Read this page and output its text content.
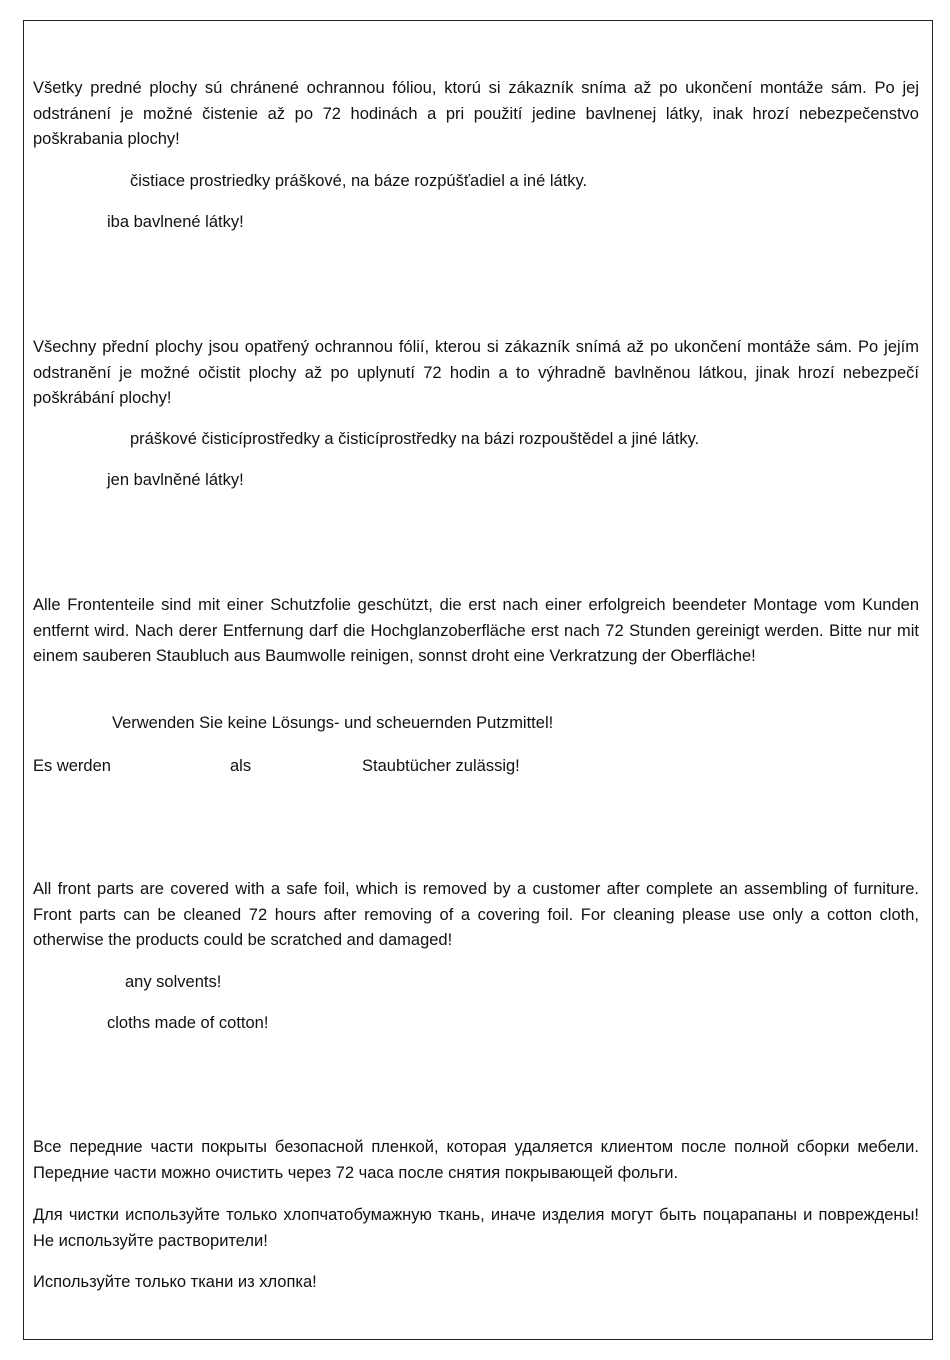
Všetky predné plochy sú chránené ochrannou fóliou, ktorú si zákazník sníma až po ukončení montáže sám. Po jej odstránení je možné čistenie až po 72 hodinách a pri použití jedine bavlnenej látky, inak hrozí nebezpečenstvo poškrabania plochy!

čistiace prostriedky práškové, na báze rozpúšťadiel a iné látky.

iba bavlnené látky!

Všechny přední plochy jsou opatřený ochrannou fólií, kterou si zákazník snímá až po ukončení montáže sám. Po jejím odstranění je možné očistit plochy až po uplynutí 72 hodin a to výhradně bavlněnou látkou, jinak hrozí nebezpečí poškrábání plochy!

práškové čisticíprostředky a čisticíprostředky na bázi rozpouštědel a jiné látky.

jen bavlněné látky!

Alle Frontenteile sind mit einer Schutzfolie geschützt, die erst nach einer erfolgreich beendeter Montage vom Kunden entfernt wird. Nach derer Entfernung darf die Hochglanzoberfläche erst nach 72 Stunden gereinigt werden. Bitte nur mit einem sauberen Staubluch aus Baumwolle reinigen, sonnst droht eine Verkratzung der Oberfläche!

Verwenden Sie keine Lösungs- und scheuernden Putzmittel!

Es werden	als	Staubtücher zulässig!

All front parts are covered with a safe foil, which is removed by a customer after complete an assembling of furniture. Front parts can be cleaned 72 hours after removing of a covering foil. For cleaning please use only a cotton cloth, otherwise the products could be scratched and damaged!

any solvents!

cloths made of cotton!

Все передние части покрыты безопасной пленкой, которая удаляется клиентом после полной сборки мебели. Передние части можно очистить через 72 часа после снятия покрывающей фольги.

Для чистки используйте только хлопчатобумажную ткань, иначе изделия могут быть поцарапаны и повреждены! Не используйте растворители!

Используйте только ткани из хлопка!
